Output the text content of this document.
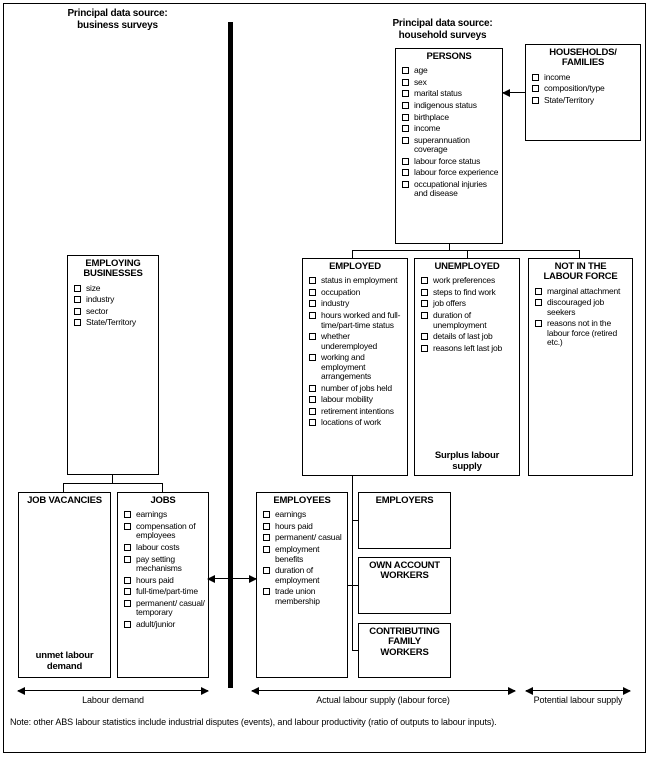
Principal data source:
business surveys	Principal data source:
household surveys
PERSONS
age
sex
marital status
indigenous status
birthplace
income
superannuation coverage
labour force status
labour force experience
occupational injuries and disease
HOUSEHOLDS/
FAMILIES
income
composition/type
State/Territory
EMPLOYING
BUSINESSES
size
industry
sector
State/Territory
EMPLOYED
status in employment
occupation
industry
hours worked and full-time/part-time status
whether underemployed
working and employment arrangements
number of jobs held
labour mobility
retirement intentions
locations of work
UNEMPLOYED
work preferences
steps to find work
job offers
duration of unemployment
details of last job
reasons left last job
Surplus labour
supply
NOT IN THE
LABOUR FORCE
marginal attachment
discouraged job seekers
reasons not in the labour force (retired etc.)
JOB VACANCIES
unmet labour
demand
JOBS
earnings
compensation of employees
labour costs
pay setting mechanisms
hours paid
full-time/part-time
permanent/ casual/ temporary
adult/junior
EMPLOYEES
earnings
hours paid
permanent/ casual
employment benefits
duration of employment
trade union membership
EMPLOYERS
OWN ACCOUNT
WORKERS
CONTRIBUTING
FAMILY
WORKERS
Labour demand	Actual labour supply (labour force)	Potential labour supply
Note: other ABS labour statistics include industrial disputes (events), and labour productivity (ratio of outputs to labour inputs).
